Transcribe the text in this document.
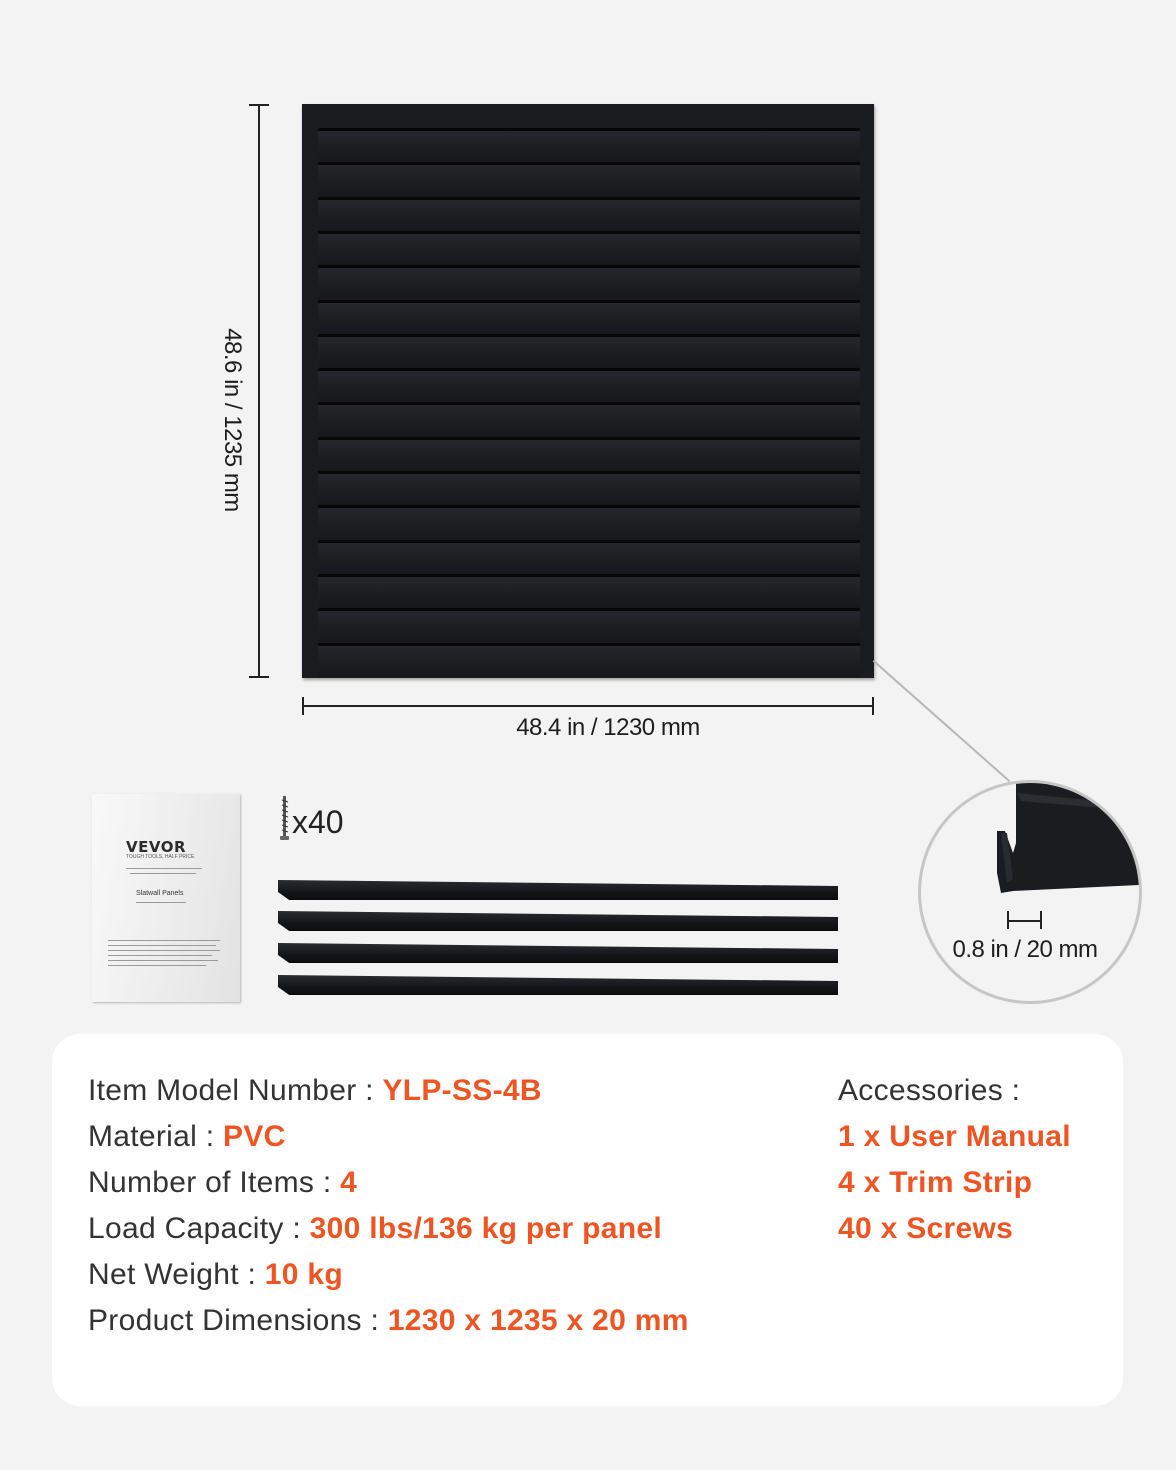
48.6 in / 1235 mm
48.4 in / 1230 mm
0.8 in / 20 mm
VEVOR
TOUGH TOOLS, HALF PRICE
Slatwall Panels
x40
Item Model Number : YLP-SS-4B
Material : PVC
Number of Items : 4
Load Capacity : 300 lbs/136 kg per panel
Net Weight : 10 kg
Product Dimensions : 1230 x 1235 x 20 mm
Accessories :
1 x User Manual
4 x Trim Strip
40 x Screws
